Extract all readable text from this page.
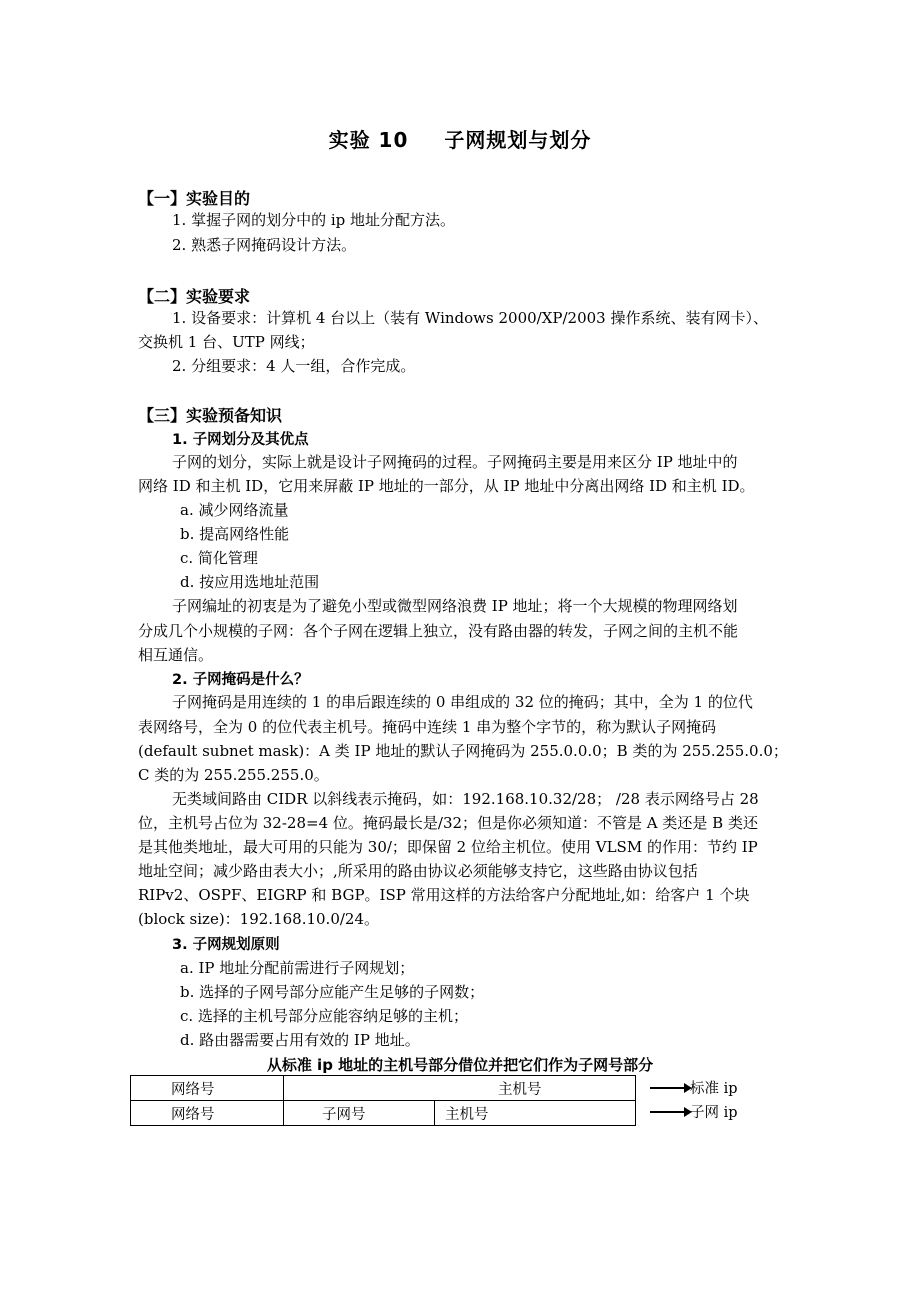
实验 10 子网规划与划分
【一】实验目的
1. 掌握子网的划分中的 ip 地址分配方法。
2. 熟悉子网掩码设计方法。
【二】实验要求
1. 设备要求：计算机 4 台以上（装有 Windows 2000/XP/2003 操作系统、装有网卡）、
交换机 1 台、UTP 网线；
2. 分组要求：4 人一组，合作完成。
【三】实验预备知识
1. 子网划分及其优点
子网的划分，实际上就是设计子网掩码的过程。子网掩码主要是用来区分 IP 地址中的
网络 ID 和主机 ID，它用来屏蔽 IP 地址的一部分，从 IP 地址中分离出网络 ID 和主机 ID。
a. 减少网络流量
b. 提高网络性能
c. 简化管理
d. 按应用选地址范围
子网编址的初衷是为了避免小型或微型网络浪费 IP 地址；将一个大规模的物理网络划
分成几个小规模的子网：各个子网在逻辑上独立，没有路由器的转发，子网之间的主机不能
相互通信。
2. 子网掩码是什么？
子网掩码是用连续的 1 的串后跟连续的 0 串组成的 32 位的掩码；其中，全为 1 的位代
表网络号，全为 0 的位代表主机号。掩码中连续 1 串为整个字节的，称为默认子网掩码
(default subnet mask)：A 类 IP 地址的默认子网掩码为 255.0.0.0；B 类的为 255.255.0.0；
C 类的为 255.255.255.0。
无类域间路由 CIDR 以斜线表示掩码，如：192.168.10.32/28； /28 表示网络号占 28
位，主机号占位为 32-28=4 位。掩码最长是/32；但是你必须知道：不管是 A 类还是 B 类还
是其他类地址，最大可用的只能为 30/；即保留 2 位给主机位。使用 VLSM 的作用：节约 IP
地址空间；减少路由表大小；,所采用的路由协议必须能够支持它，这些路由协议包括
RIPv2、OSPF、EIGRP 和 BGP。ISP 常用这样的方法给客户分配地址,如：给客户 1 个块
(block size)：192.168.10.0/24。
3. 子网规划原则
a. IP 地址分配前需进行子网规划；
b. 选择的子网号部分应能产生足够的子网数；
c. 选择的主机号部分应能容纳足够的主机；
d. 路由器需要占用有效的 IP 地址。
从标准 ip 地址的主机号部分借位并把它们作为子网号部分
网络号	主机号	
网络号	子网号	主机号
标准 ip
子网 ip
